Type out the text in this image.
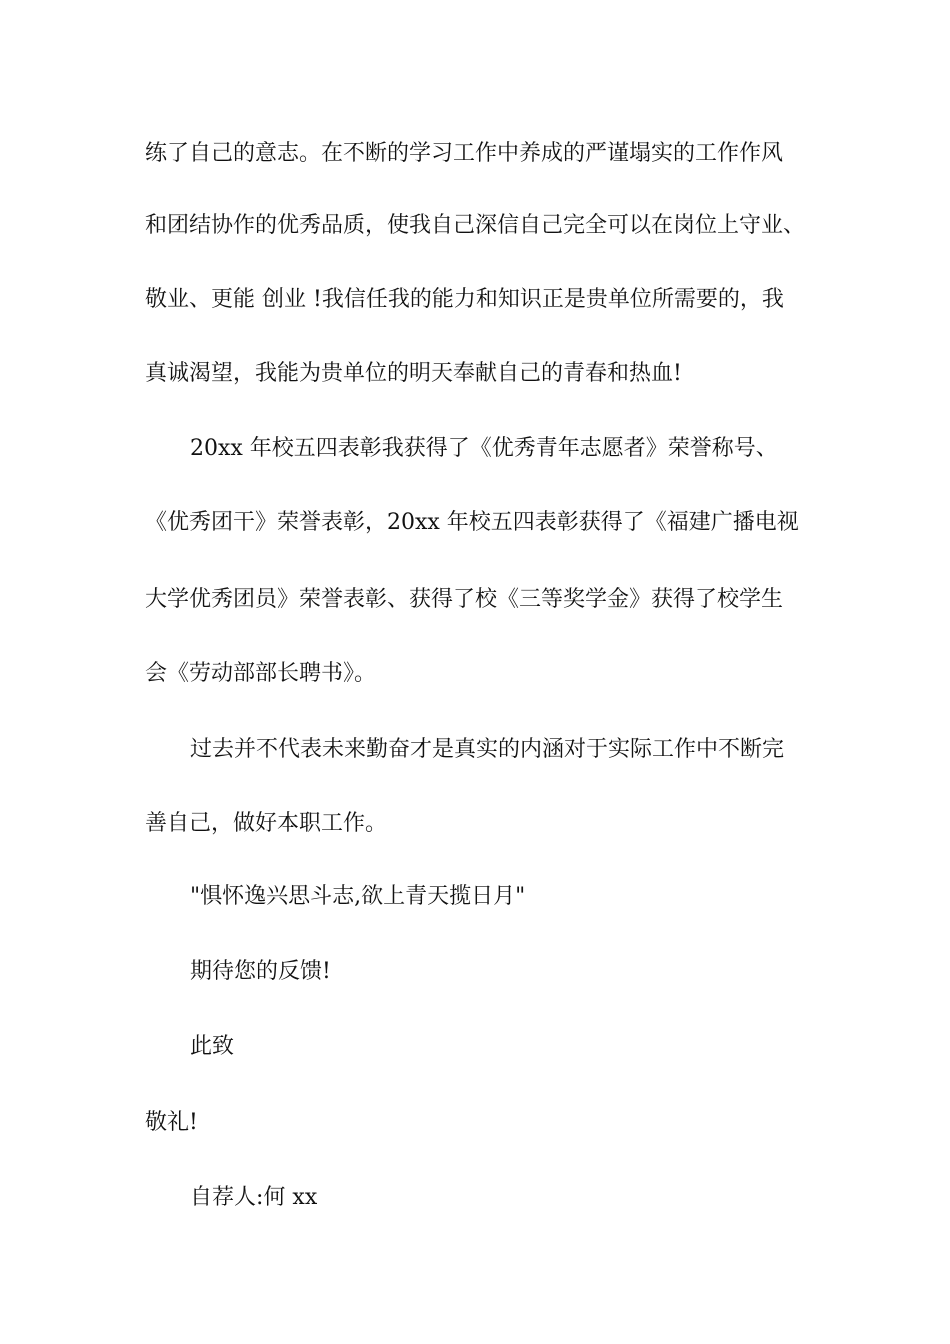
练了自己的意志。在不断的学习工作中养成的严谨塌实的工作作风
和团结协作的优秀品质，使我自己深信自己完全可以在岗位上守业、
敬业、更能 创业 !我信任我的能力和知识正是贵单位所需要的，我
真诚渴望，我能为贵单位的明天奉献自己的青春和热血!
20xx 年校五四表彰我获得了《优秀青年志愿者》荣誉称号、
《优秀团干》荣誉表彰，20xx 年校五四表彰获得了《福建广播电视
大学优秀团员》荣誉表彰、获得了校《三等奖学金》获得了校学生
会《劳动部部长聘书》。
过去并不代表未来勤奋才是真实的内涵对于实际工作中不断完
善自己，做好本职工作。
"惧怀逸兴思斗志,欲上青天揽日月"
期待您的反馈!
此致
敬礼!
自荐人:何 xx
